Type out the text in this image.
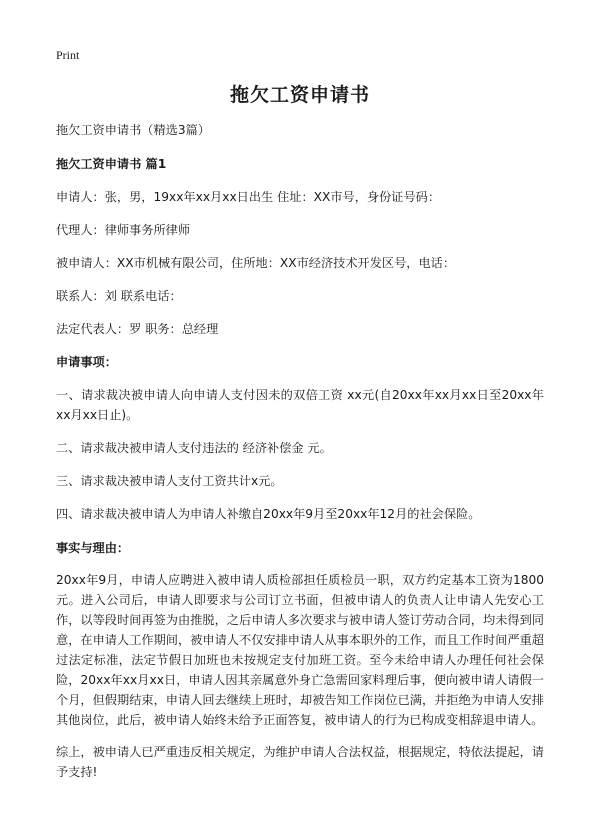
Print

拖欠工资申请书

拖欠工资申请书（精选3篇）

拖欠工资申请书 篇1

申请人：张，男，19xx年xx月xx日出生 住址：XX市号，身份证号码：

代理人：律师事务所律师

被申请人：XX市机械有限公司，住所地：XX市经济技术开发区号，电话：

联系人：刘 联系电话：

法定代表人：罗 职务：总经理

申请事项：

一、请求裁决被申请人向申请人支付因未的双倍工资 xx元(自20xx年xx月xx日至20xx年xx月xx日止)。

二、请求裁决被申请人支付违法的 经济补偿金 元。

三、请求裁决被申请人支付工资共计x元。

四、请求裁决被申请人为申请人补缴自20xx年9月至20xx年12月的社会保险。

事实与理由：

20xx年9月，申请人应聘进入被申请人质检部担任质检员一职，双方约定基本工资为1800元。进入公司后，申请人即要求与公司订立书面，但被申请人的负责人让申请人先安心工作，以等段时间再签为由推脱，之后申请人多次要求与被申请人签订劳动合同，均未得到同意，在申请人工作期间，被申请人不仅安排申请人从事本职外的工作，而且工作时间严重超过法定标准，法定节假日加班也未按规定支付加班工资。至今未给申请人办理任何社会保险，20xx年xx月xx日，申请人因其亲属意外身亡急需回家料理后事，便向被申请人请假一个月，但假期结束，申请人回去继续上班时，却被告知工作岗位已满，并拒绝为申请人安排其他岗位，此后，被申请人始终未给予正面答复，被申请人的行为已构成变相辞退申请人。

综上，被申请人已严重违反相关规定，为维护申请人合法权益，根据规定，特依法提起，请予支持!
